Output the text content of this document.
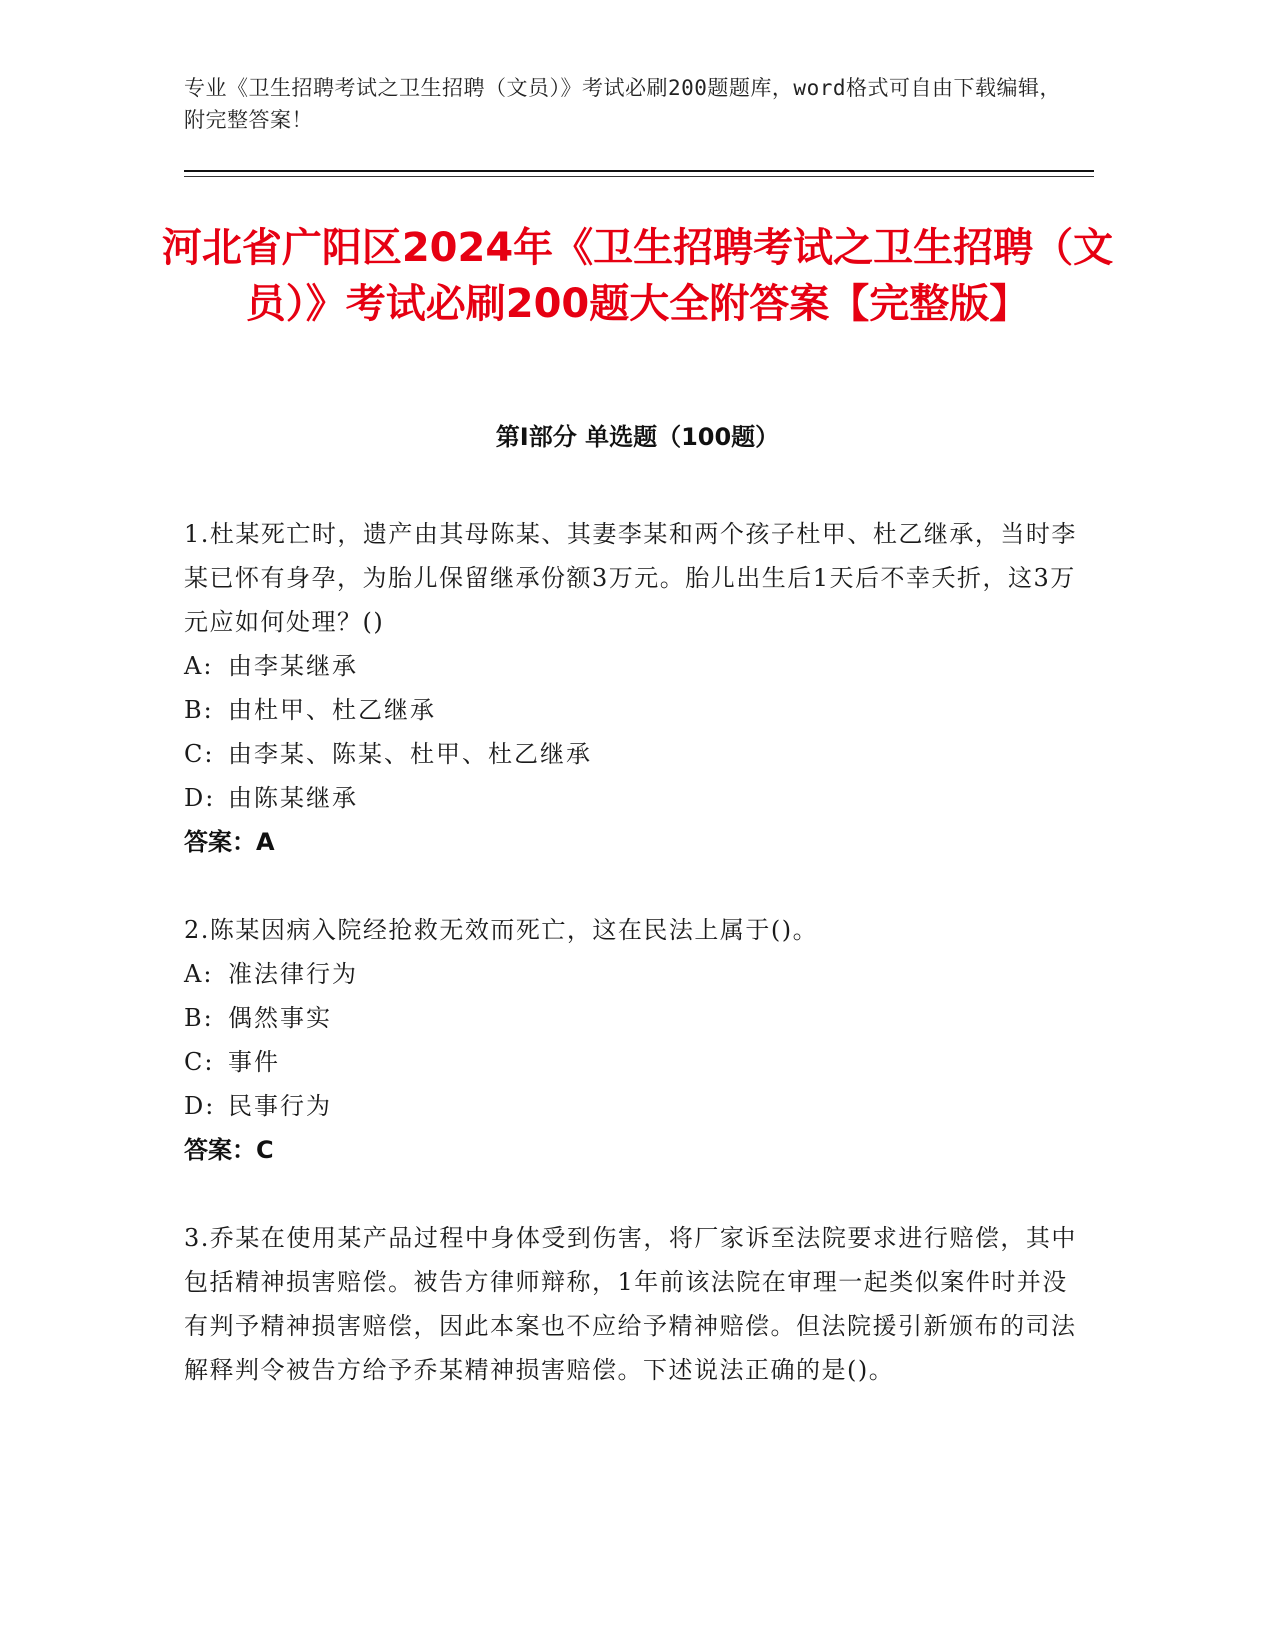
专业《卫生招聘考试之卫生招聘（文员）》考试必刷200题题库，word格式可自由下载编辑，附完整答案！
河北省广阳区2024年《卫生招聘考试之卫生招聘（文员）》考试必刷200题大全附答案【完整版】
第I部分 单选题（100题）
1.杜某死亡时，遗产由其母陈某、其妻李某和两个孩子杜甲、杜乙继承，当时李某已怀有身孕，为胎儿保留继承份额3万元。胎儿出生后1天后不幸夭折，这3万元应如何处理？()
A: 由李某继承
B: 由杜甲、杜乙继承
C: 由李某、陈某、杜甲、杜乙继承
D: 由陈某继承
答案：A
2.陈某因病入院经抢救无效而死亡，这在民法上属于()。
A: 准法律行为
B: 偶然事实
C: 事件
D: 民事行为
答案：C
3.乔某在使用某产品过程中身体受到伤害，将厂家诉至法院要求进行赔偿，其中包括精神损害赔偿。被告方律师辩称，1年前该法院在审理一起类似案件时并没有判予精神损害赔偿，因此本案也不应给予精神赔偿。但法院援引新颁布的司法解释判令被告方给予乔某精神损害赔偿。下述说法正确的是()。
